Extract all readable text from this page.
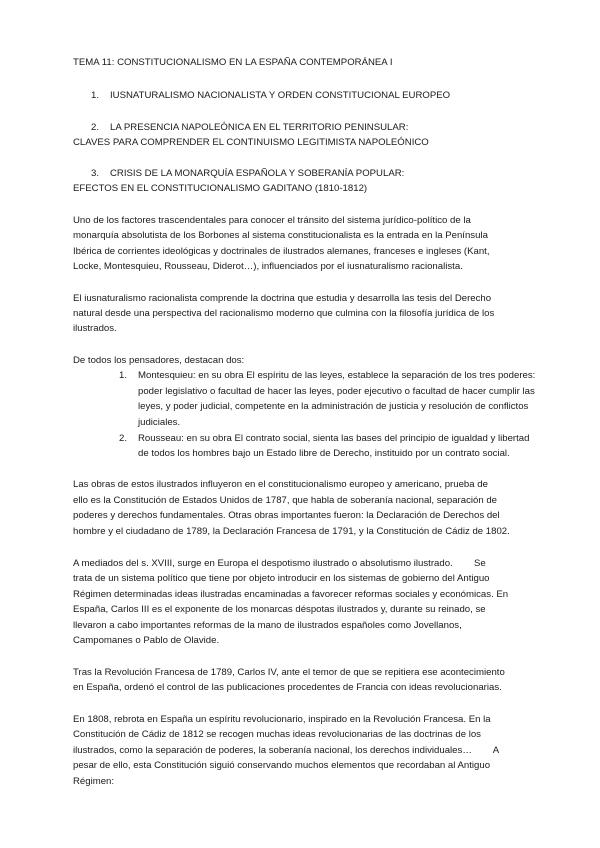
TEMA 11: CONSTITUCIONALISMO EN LA ESPAÑA CONTEMPORÁNEA I
1. IUSNATURALISMO NACIONALISTA Y ORDEN CONSTITUCIONAL EUROPEO
2. LA PRESENCIA NAPOLEÓNICA EN EL TERRITORIO PENINSULAR:
CLAVES PARA COMPRENDER EL CONTINUISMO LEGITIMISTA NAPOLEÓNICO
3. CRISIS DE LA MONARQUÍA ESPAÑOLA Y SOBERANÍA POPULAR:
EFECTOS EN EL CONSTITUCIONALISMO GADITANO (1810-1812)
Uno de los factores trascendentales para conocer el tránsito del sistema jurídico-político de la
monarquía absolutista de los Borbones al sistema constitucionalista es la entrada en la Península
Ibérica de corrientes ideológicas y doctrinales de ilustrados alemanes, franceses e ingleses (Kant,
Locke, Montesquieu, Rousseau, Diderot…), influenciados por el iusnaturalismo racionalista.
El iusnaturalismo racionalista comprende la doctrina que estudia y desarrolla las tesis del Derecho
natural desde una perspectiva del racionalismo moderno que culmina con la filosofía jurídica de los
ilustrados.
De todos los pensadores, destacan dos:
1. Montesquieu: en su obra El espíritu de las leyes, establece la separación de los tres poderes:
poder legislativo o facultad de hacer las leyes, poder ejecutivo o facultad de hacer cumplir las
leyes, y poder judicial, competente en la administración de justicia y resolución de conflictos
judiciales.
2. Rousseau: en su obra El contrato social, sienta las bases del principio de igualdad y libertad
de todos los hombres bajo un Estado libre de Derecho, instituido por un contrato social.
Las obras de estos ilustrados influyeron en el constitucionalismo europeo y americano, prueba de
ello es la Constitución de Estados Unidos de 1787, que habla de soberanía nacional, separación de
poderes y derechos fundamentales. Otras obras importantes fueron: la Declaración de Derechos del
hombre y el ciudadano de 1789, la Declaración Francesa de 1791, y la Constitución de Cádiz de 1802.
A mediados del s. XVIII, surge en Europa el despotismo ilustrado o absolutismo ilustrado.        Se
trata de un sistema político que tiene por objeto introducir en los sistemas de gobierno del Antiguo
Régimen determinadas ideas ilustradas encaminadas a favorecer reformas sociales y económicas. En
España, Carlos III es el exponente de los monarcas déspotas ilustrados y, durante su reinado, se
llevaron a cabo importantes reformas de la mano de ilustrados españoles como Jovellanos,
Campomanes o Pablo de Olavide.
Tras la Revolución Francesa de 1789, Carlos IV, ante el temor de que se repitiera ese acontecimiento
en España, ordenó el control de las publicaciones procedentes de Francia con ideas revolucionarias.
En 1808, rebrota en España un espíritu revolucionario, inspirado en la Revolución Francesa. En la
Constitución de Cádiz de 1812 se recogen muchas ideas revolucionarias de las doctrinas de los
ilustrados, como la separación de poderes, la soberanía nacional, los derechos individuales…        A
pesar de ello, esta Constitución siguió conservando muchos elementos que recordaban al Antiguo
Régimen:
